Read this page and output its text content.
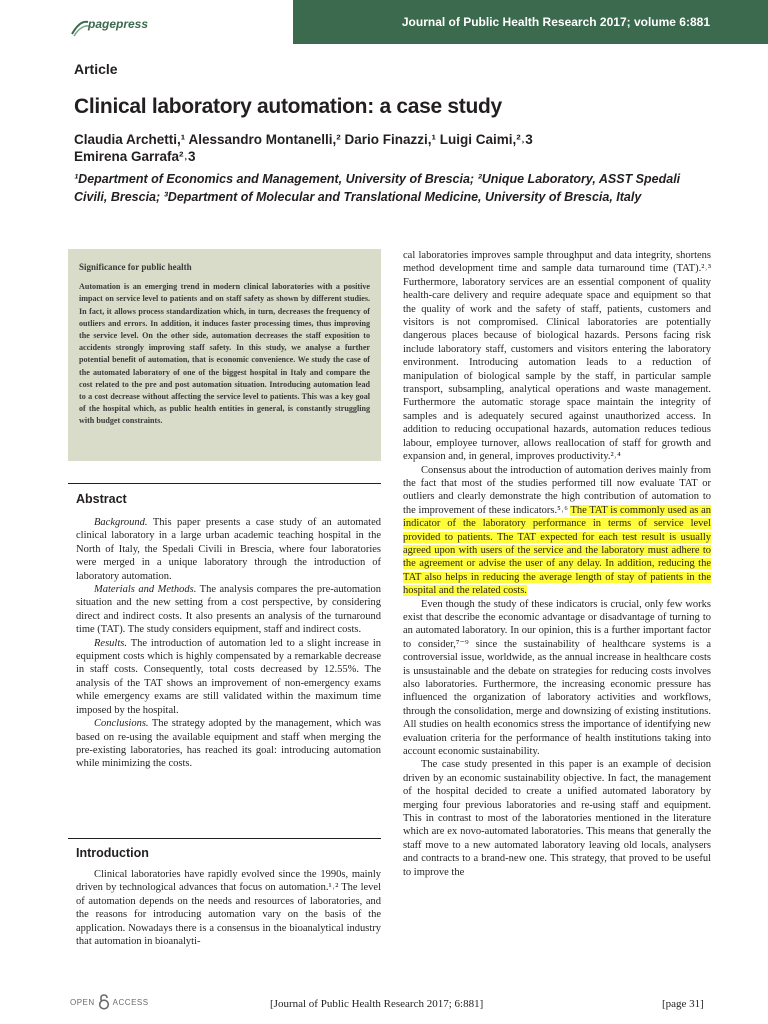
pagepress	Journal of Public Health Research 2017; volume 6:881
Article
Clinical laboratory automation: a case study
Claudia Archetti,¹ Alessandro Montanelli,² Dario Finazzi,¹ Luigi Caimi,²˒3
Emirena Garrafa²˒3
¹Department of Economics and Management, University of Brescia; ²Unique Laboratory, ASST Spedali Civili, Brescia; ³Department of Molecular and Translational Medicine, University of Brescia, Italy
Significance for public health
Automation is an emerging trend in modern clinical laboratories with a positive impact on service level to patients and on staff safety as shown by different studies. In fact, it allows process standardization which, in turn, decreases the frequency of outliers and errors. In addition, it induces faster processing times, thus improving the service level. On the other side, automation decreases the staff exposition to accidents strongly improving staff safety. In this study, we analyse a further potential benefit of automation, that is economic convenience. We study the case of the automated laboratory of one of the biggest hospital in Italy and compare the cost related to the pre and post automation situation. Introducing automation lead to a cost decrease without affecting the service level to patients. This was a key goal of the hospital which, as public health entities in general, is constantly struggling with budget constraints.
Abstract

Background. This paper presents a case study of an automated clinical laboratory in a large urban academic teaching hospital in the North of Italy, the Spedali Civili in Brescia, where four laboratories were merged in a unique laboratory through the introduction of laboratory automation.

Materials and Methods. The analysis compares the pre-automation situation and the new setting from a cost perspective, by considering direct and indirect costs. It also presents an analysis of the turnaround time (TAT). The study considers equipment, staff and indirect costs.

Results. The introduction of automation led to a slight increase in equipment costs which is highly compensated by a remarkable decrease in staff costs. Consequently, total costs decreased by 12.55%. The analysis of the TAT shows an improvement of non-emergency exams while emergency exams are still validated within the maximum time imposed by the hospital.

Conclusions. The strategy adopted by the management, which was based on re-using the available equipment and staff when merging the pre-existing laboratories, has reached its goal: introducing automation while minimizing the costs.

Introduction

Clinical laboratories have rapidly evolved since the 1990s, mainly driven by technological advances that focus on automation.¹˒² The level of automation depends on the needs and resources of laboratories, and the reasons for introducing automation vary on the basis of the application. Nowadays there is a consensus in the bioanalytical industry that automation in bioanalyti-

cal laboratories improves sample throughput and data integrity, shortens method development time and sample data turnaround time (TAT).²˒³ Furthermore, laboratory services are an essential component of quality health-care delivery and require adequate space and equipment so that the quality of work and the safety of staff, patients, customers and visitors is not compromised. Clinical laboratories are potentially dangerous places because of biological hazards. Persons facing risk include laboratory staff, customers and visitors entering the laboratory environment. Introducing automation leads to a reduction of manipulation of biological sample by the staff, in particular sample transport, subsampling, analytical operations and waste management. Furthermore the automatic storage space maintain the integrity of samples and is adequately secured against unauthorized access. In addition to reducing occupational hazards, automation reduces tedious labour, employee turnover, allows reallocation of staff for growth and expansion and, in general, improves productivity.²˒⁴

Consensus about the introduction of automation derives mainly from the fact that most of the studies performed till now evaluate TAT or outliers and clearly demonstrate the high contribution of automation to the improvement of these indicators.⁵˒⁶ The TAT is commonly used as an indicator of the laboratory performance in terms of service level provided to patients. The TAT expected for each test result is usually agreed upon with users of the service and the laboratory must adhere to the agreement or advise the user of any delay. In addition, reducing the TAT also helps in reducing the average length of stay of patients in the hospital and the related costs.

Even though the study of these indicators is crucial, only few works exist that describe the economic advantage or disadvantage of turning to an automated laboratory. In our opinion, this is a further important factor to consider,⁷⁻⁹ since the sustainability of healthcare systems is a controversial issue, worldwide, as the annual increase in healthcare costs is unsustainable and the debate on strategies for reducing costs involves also laboratories. Furthermore, the increasing economic pressure has influenced the organization of laboratory activities and workflows, through the consolidation, merge and downsizing of existing institutions. All studies on health economics stress the importance of identifying new evaluation criteria for the performance of health institutions taking into account economic sustainability.

The case study presented in this paper is an example of decision driven by an economic sustainability objective. In fact, the management of the hospital decided to create a unified automated laboratory by merging four previous laboratories and re-using staff and equipment. This in contrast to most of the laboratories mentioned in the literature which are ex novo-automated laboratories. This means that generally the staff move to a new automated laboratory leaving old locals, analysers and contracts to a brand-new one. This strategy, that proved to be useful to improve the

OPEN ACCESS	[Journal of Public Health Research 2017; 6:881]	[page 31]
